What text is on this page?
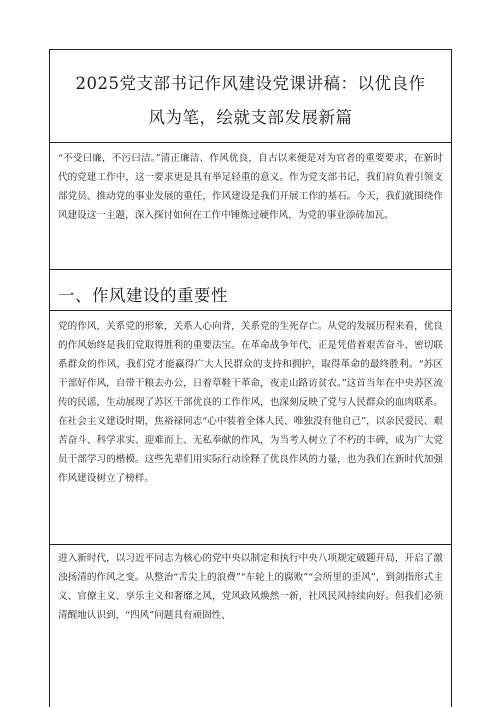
2025党支部书记作风建设党课讲稿：以优良作
风为笔，绘就支部发展新篇

“不受曰廉，不污曰洁。”清正廉洁、作风优良，自古以来便是对为官者的重要要求，在新时代的党建工作中，这一要求更是具有举足轻重的意义。作为党支部书记，我们肩负着引领支部党员、推动党的事业发展的重任，作风建设是我们开展工作的基石。今天，我们就围绕作风建设这一主题，深入探讨如何在工作中锤炼过硬作风，为党的事业添砖加瓦。

一、作风建设的重要性

党的作风，关系党的形象，关系人心向背，关系党的生死存亡。从党的发展历程来看，优良的作风始终是我们党取得胜利的重要法宝。在革命战争年代，正是凭借着艰苦奋斗、密切联系群众的作风，我们党才能赢得广大人民群众的支持和拥护，取得革命的最终胜利。“苏区干部好作风，自带干粮去办公，日着草鞋干革命，夜走山路访贫农。”这首当年在中央苏区流传的民谣，生动展现了苏区干部优良的工作作风，也深刻反映了党与人民群众的血肉联系。在社会主义建设时期，焦裕禄同志“心中装着全体人民、唯独没有他自己”，以亲民爱民、艰苦奋斗、科学求实、迎难而上、无私奉献的作风，为当考人树立了不朽的丰碑，成为广大党员干部学习的楷模。这些先辈们用实际行动诠释了优良作风的力量，也为我们在新时代加强作风建设树立了榜样。

进入新时代，以习近平同志为核心的党中央以制定和执行中央八项规定破题开局，开启了激浊扬清的作风之变。从整治“舌尖上的浪费”“车轮上的腐败”“会所里的歪风”，到剑指形式主义、官僚主义、享乐主义和奢靡之风，党风政风焕然一新，社风民风持续向好。但我们必须清醒地认识到，“四风”问题具有顽固性、
